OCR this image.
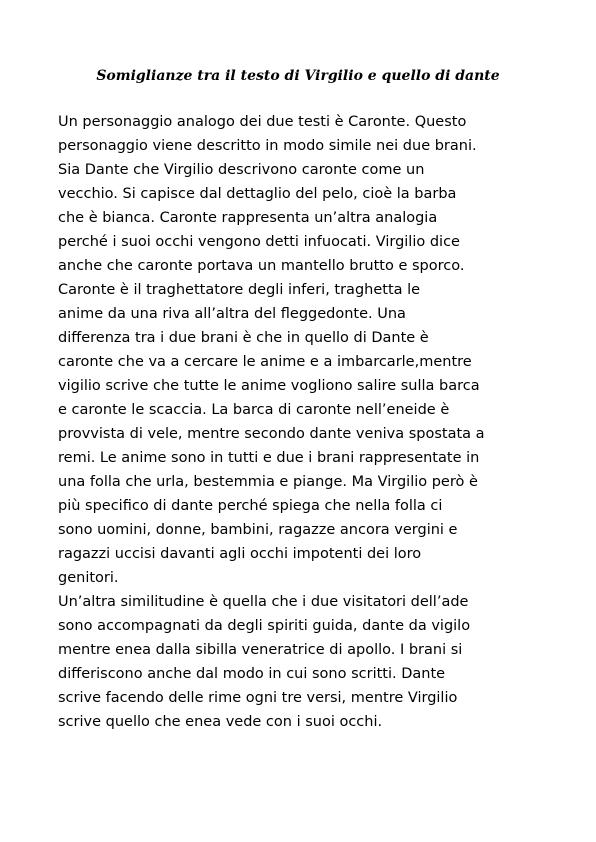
Somiglianze tra il testo di Virgilio e quello di dante
Un personaggio analogo dei due testi è Caronte. Questo
personaggio viene descritto in modo simile nei due brani.
Sia Dante che Virgilio descrivono caronte come un
vecchio. Si capisce dal dettaglio del pelo, cioè la barba
che è bianca. Caronte rappresenta un’altra analogia
perché i suoi occhi vengono detti infuocati. Virgilio dice
anche che caronte portava un mantello brutto e sporco.
Caronte è il traghettatore degli inferi, traghetta le
anime da una riva all’altra del fleggedonte. Una
differenza tra i due brani è che in quello di Dante è
caronte che va a cercare le anime e a imbarcarle,mentre
vigilio scrive che tutte le anime vogliono salire sulla barca
e caronte le scaccia. La barca di caronte nell’eneide è
provvista di vele, mentre secondo dante veniva spostata a
remi. Le anime sono in tutti e due i brani rappresentate in
una folla che urla, bestemmia e piange. Ma Virgilio però è
più specifico di dante perché spiega che nella folla ci
sono uomini, donne, bambini, ragazze ancora vergini e
ragazzi uccisi davanti agli occhi impotenti dei loro
genitori.
Un’altra similitudine è quella che i due visitatori dell’ade
sono accompagnati da degli spiriti guida, dante da vigilo
mentre enea dalla sibilla veneratrice di apollo. I brani si
differiscono anche dal modo in cui sono scritti. Dante
scrive facendo delle rime ogni tre versi, mentre Virgilio
scrive quello che enea vede con i suoi occhi.
